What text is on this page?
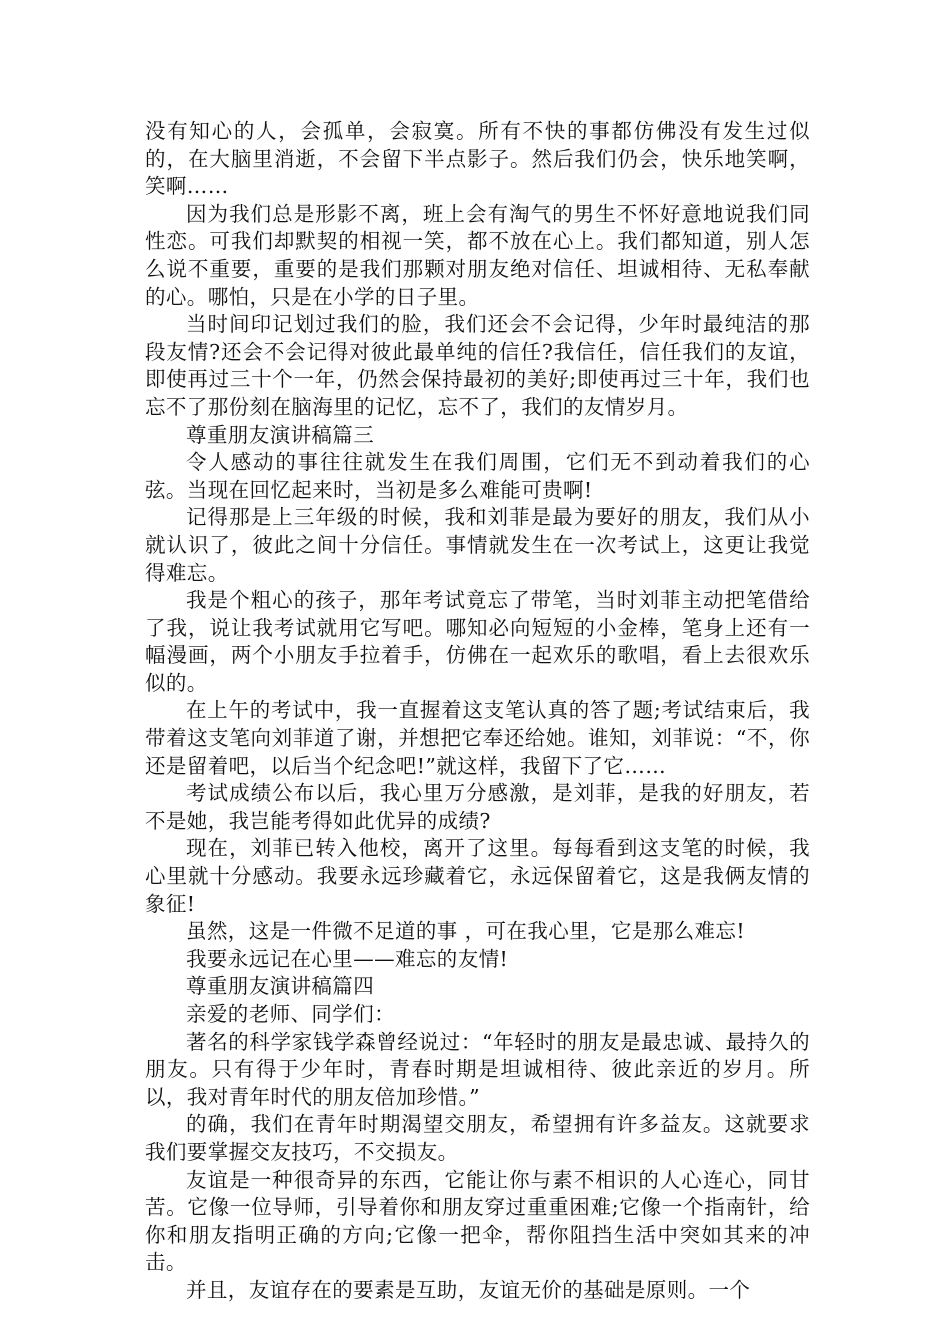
没有知心的人，会孤单，会寂寞。所有不快的事都仿佛没有发生过似的，在大脑里消逝，不会留下半点影子。然后我们仍会，快乐地笑啊，笑啊……

因为我们总是形影不离，班上会有淘气的男生不怀好意地说我们同性恋。可我们却默契的相视一笑，都不放在心上。我们都知道，别人怎么说不重要，重要的是我们那颗对朋友绝对信任、坦诚相待、无私奉献的心。哪怕，只是在小学的日子里。

当时间印记划过我们的脸，我们还会不会记得，少年时最纯洁的那段友情?还会不会记得对彼此最单纯的信任?我信任，信任我们的友谊，即使再过三十个一年，仍然会保持最初的美好;即使再过三十年，我们也忘不了那份刻在脑海里的记忆，忘不了，我们的友情岁月。

尊重朋友演讲稿篇三

令人感动的事往往就发生在我们周围，它们无不到动着我们的心弦。当现在回忆起来时，当初是多么难能可贵啊!

记得那是上三年级的时候，我和刘菲是最为要好的朋友，我们从小就认识了，彼此之间十分信任。事情就发生在一次考试上，这更让我觉得难忘。

我是个粗心的孩子，那年考试竟忘了带笔，当时刘菲主动把笔借给了我，说让我考试就用它写吧。哪知必向短短的小金棒，笔身上还有一幅漫画，两个小朋友手拉着手，仿佛在一起欢乐的歌唱，看上去很欢乐似的。

在上午的考试中，我一直握着这支笔认真的答了题;考试结束后，我带着这支笔向刘菲道了谢，并想把它奉还给她。谁知，刘菲说：“不，你还是留着吧，以后当个纪念吧!”就这样，我留下了它……

考试成绩公布以后，我心里万分感激，是刘菲，是我的好朋友，若不是她，我岂能考得如此优异的成绩?

现在，刘菲已转入他校，离开了这里。每每看到这支笔的时候，我心里就十分感动。我要永远珍藏着它，永远保留着它，这是我俩友情的象征!

虽然，这是一件微不足道的事 ，可在我心里，它是那么难忘!

我要永远记在心里——难忘的友情!

尊重朋友演讲稿篇四

亲爱的老师、同学们：

著名的科学家钱学森曾经说过：“年轻时的朋友是最忠诚、最持久的朋友。只有得于少年时，青春时期是坦诚相待、彼此亲近的岁月。所以，我对青年时代的朋友倍加珍惜。”

的确，我们在青年时期渴望交朋友，希望拥有许多益友。这就要求我们要掌握交友技巧，不交损友。

友谊是一种很奇异的东西，它能让你与素不相识的人心连心，同甘苦。它像一位导师，引导着你和朋友穿过重重困难;它像一个指南针，给你和朋友指明正确的方向;它像一把伞，帮你阻挡生活中突如其来的冲击。

并且，友谊存在的要素是互助，友谊无价的基础是原则。一个
